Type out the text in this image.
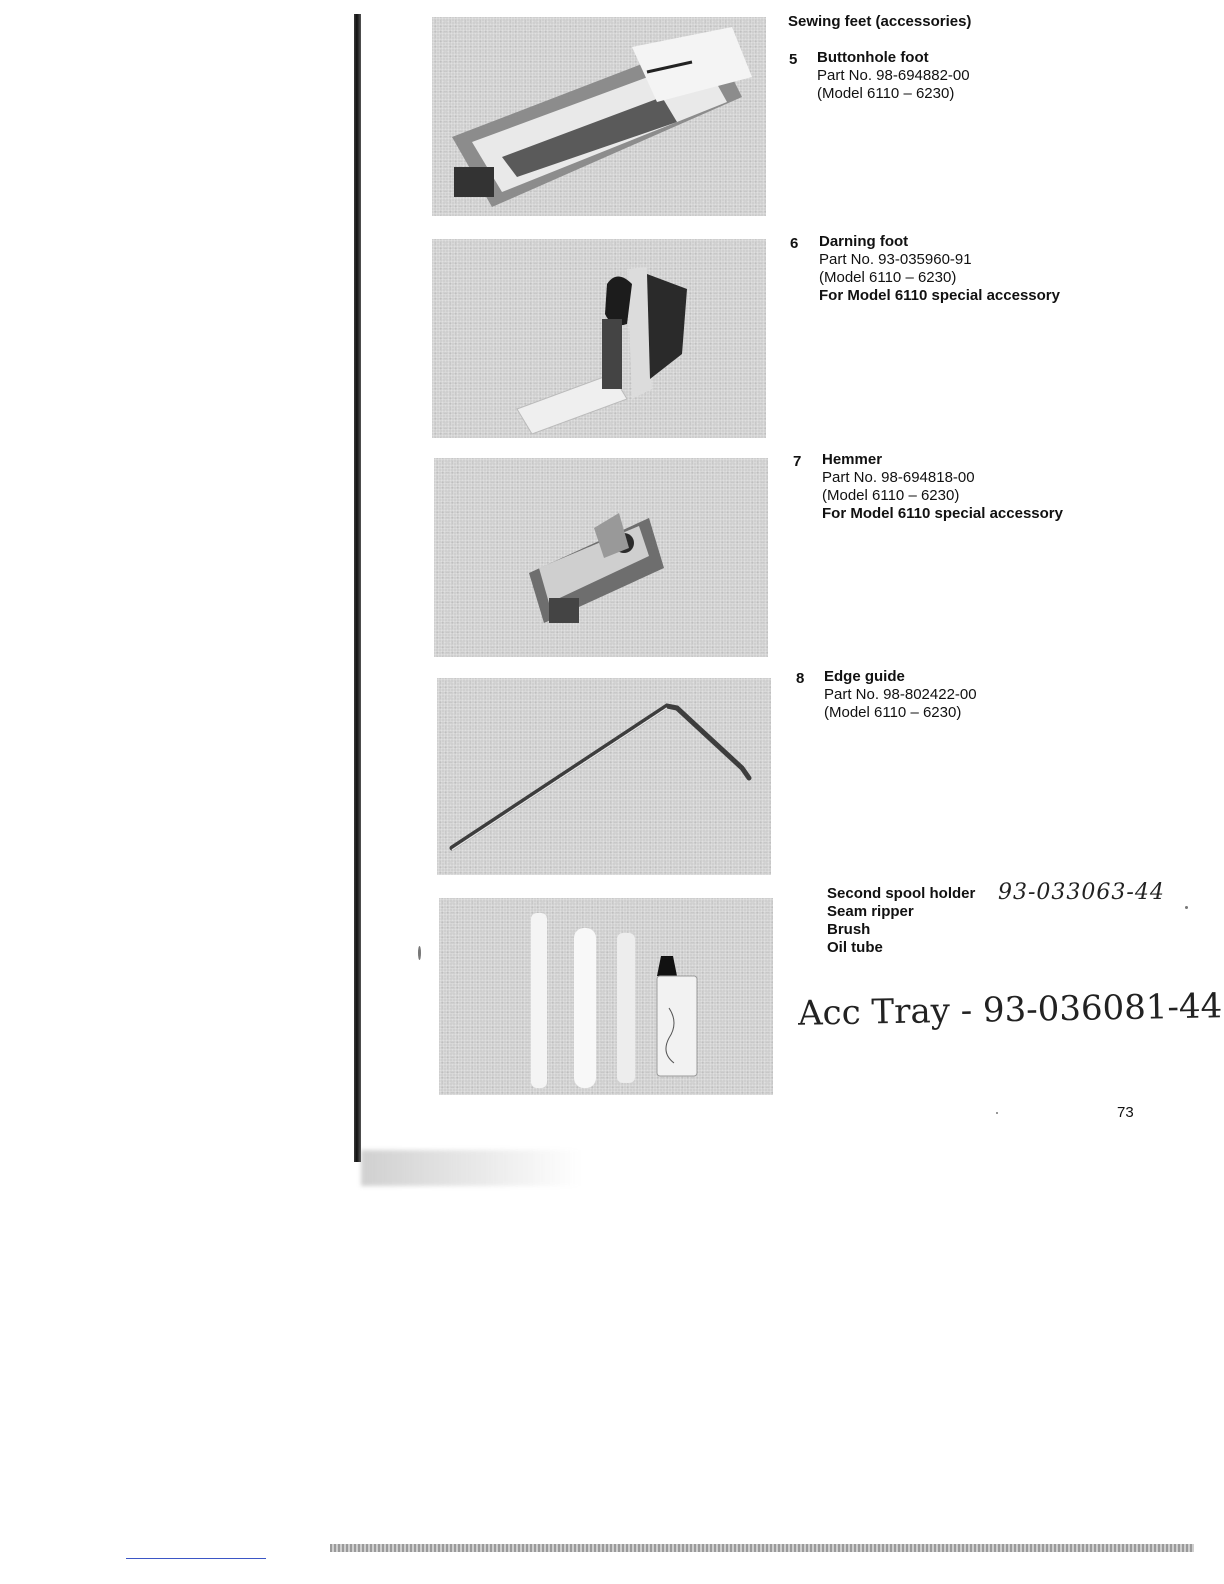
Sewing feet (accessories)
5 Buttonhole foot
Part No. 98-694882-00
(Model 6110 – 6230)
6 Darning foot
Part No. 93-035960-91
(Model 6110 – 6230)
For Model 6110 special accessory
7 Hemmer
Part No. 98-694818-00
(Model 6110 – 6230)
For Model 6110 special accessory
8 Edge guide
Part No. 98-802422-00
(Model 6110 – 6230)
Second spool holder
Seam ripper
Brush
Oil tube
93-033063-44
Acc Tray - 93-036081-44
73
